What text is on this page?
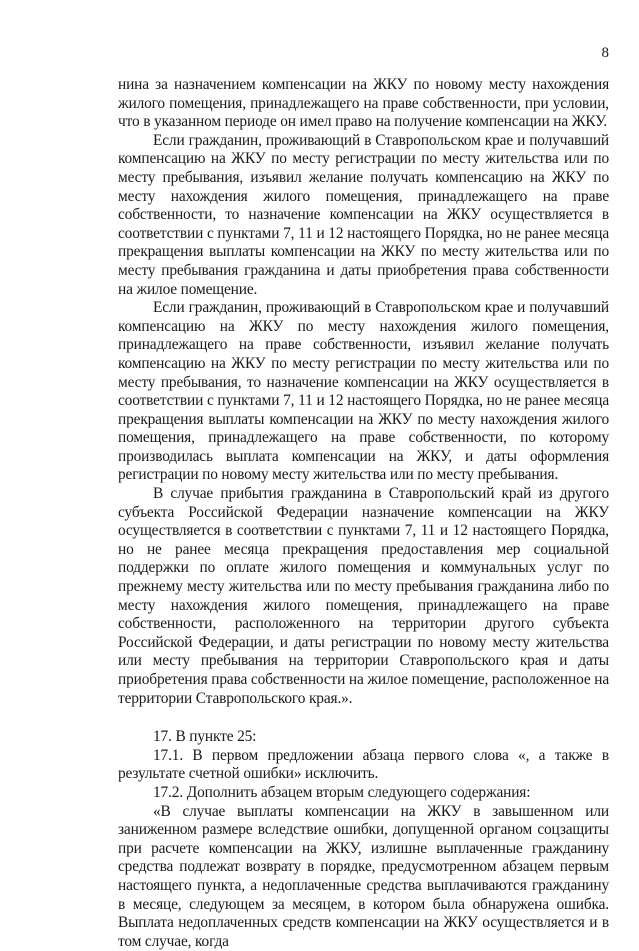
8

нина за назначением компенсации на ЖКУ по новому месту нахождения жилого помещения, принадлежащего на праве собственности, при условии, что в указанном периоде он имел право на получение компенсации на ЖКУ.

Если гражданин, проживающий в Ставропольском крае и получавший компенсацию на ЖКУ по месту регистрации по месту жительства или по месту пребывания, изъявил желание получать компенсацию на ЖКУ по месту нахождения жилого помещения, принадлежащего на праве собственности, то назначение компенсации на ЖКУ осуществляется в соответствии с пунктами 7, 11 и 12 настоящего Порядка, но не ранее месяца прекращения выплаты компенсации на ЖКУ по месту жительства или по месту пребывания гражданина и даты приобретения права собственности на жилое помещение.

Если гражданин, проживающий в Ставропольском крае и получавший компенсацию на ЖКУ по месту нахождения жилого помещения, принадлежащего на праве собственности, изъявил желание получать компенсацию на ЖКУ по месту регистрации по месту жительства или по месту пребывания, то назначение компенсации на ЖКУ осуществляется в соответствии с пунктами 7, 11 и 12 настоящего Порядка, но не ранее месяца прекращения выплаты компенсации на ЖКУ по месту нахождения жилого помещения, принадлежащего на праве собственности, по которому производилась выплата компенсации на ЖКУ, и даты оформления регистрации по новому месту жительства или по месту пребывания.

В случае прибытия гражданина в Ставропольский край из другого субъекта Российской Федерации назначение компенсации на ЖКУ осуществляется в соответствии с пунктами 7, 11 и 12 настоящего Порядка, но не ранее месяца прекращения предоставления мер социальной поддержки по оплате жилого помещения и коммунальных услуг по прежнему месту жительства или по месту пребывания гражданина либо по месту нахождения жилого помещения, принадлежащего на праве собственности, расположенного на территории другого субъекта Российской Федерации, и даты регистрации по новому месту жительства или месту пребывания на территории Ставропольского края и даты приобретения права собственности на жилое помещение, расположенное на территории Ставропольского края.».

17. В пункте 25:

17.1. В первом предложении абзаца первого слова «, а также в результате счетной ошибки» исключить.

17.2. Дополнить абзацем вторым следующего содержания:

«В случае выплаты компенсации на ЖКУ в завышенном или заниженном размере вследствие ошибки, допущенной органом соцзащиты при расчете компенсации на ЖКУ, излишне выплаченные гражданину средства подлежат возврату в порядке, предусмотренном абзацем первым настоящего пункта, а недоплаченные средства выплачиваются гражданину в месяце, следующем за месяцем, в котором была обнаружена ошибка. Выплата недоплаченных средств компенсации на ЖКУ осуществляется и в том случае, когда
